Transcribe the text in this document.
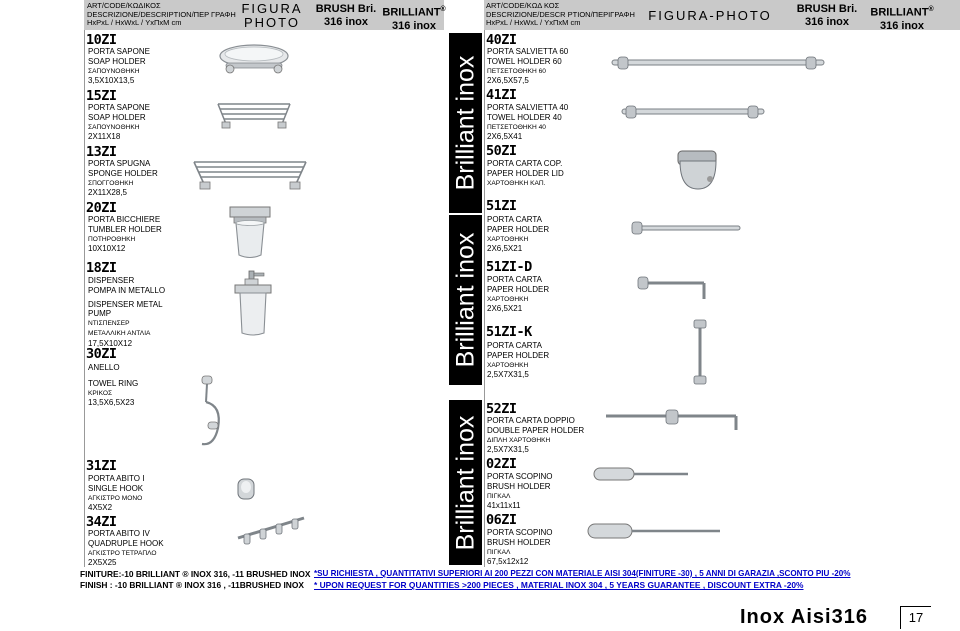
ART/CODE/ΚΩΔΙΚΟΣ
DESCRIZIONE/DESCRIPTION/ΠΕΡ ΓΡΑΦΗ
HxPxL / HxWxL / ΥxΠxΜ cm
FIGURA
PHOTO
BRUSH Bri.
316 inox
BRILLIANT®
316 inox
ART/CODE/ΚΩΔ ΚΟΣ
DESCRIZIONE/DESCR PTION/ΠΕΡΙΓΡΑΦΗ
HxPxL / HxWxL / ΥxΠxΜ cm	FIGURA-PHOTO	BRUSH Bri.
316 inox
BRILLIANT®
316 inox
Brilliant inox
Brilliant inox
Brilliant inox
10ZI
PORTA SAPONE
SOAP HOLDER
ΣΑΠΟΥΝΟΘΗΚΗ
3,5X10X13,5
15ZI
PORTA SAPONE
SOAP HOLDER
ΣΑΠΟΥΝΟΘΗΚΗ
2X11X18
13ZI
PORTA SPUGNA
SPONGE HOLDER
ΣΠΟΓΓΟΘΗΚΗ
2X11X28,5
20ZI
PORTA BICCHIERE
TUMBLER HOLDER
ΠΟΤΗΡΟΘΗΚΗ
10X10X12
18ZI
DISPENSER
POMPA IN METALLO
DISPENSER METAL
PUMP
ΝΤΙΣΠΕΝΣΕΡ
ΜΕΤΑΛΛΙΚΗ ΑΝΤΛΙΑ
17,5X10X12
30ZI
ANELLO
TOWEL RING
ΚΡΙΚΟΣ
13,5X6,5X23
31ZI
PORTA ABITO I
SINGLE HOOK
ΑΓΚΙΣΤΡΟ ΜΟΝΟ
4X5X2
34ZI
PORTA ABITO IV
QUADRUPLE HOOK
ΑΓΚΙΣΤΡΟ ΤΕΤΡΑΠΛΟ
2X5X25
40ZI
PORTA SALVIETTA 60
TOWEL HOLDER 60
ΠΕΤΣΕΤΟΘΗΚΗ 60
2X6,5X57,5
41ZI
PORTA SALVIETTA 40
TOWEL HOLDER 40
ΠΕΤΣΕΤΟΘΗΚΗ 40
2X6,5X41
50ZI
PORTA CARTA COP.
PAPER HOLDER LID
ΧΑΡΤΟΘΗΚΗ ΚΑΠ.
51ZI
PORTA CARTA
PAPER HOLDER
ΧΑΡΤΟΘΗΚΗ
2X6,5X21
51ZI-D
PORTA CARTA
PAPER HOLDER
ΧΑΡΤΟΘΗΚΗ
2X6,5X21
51ZI-K
PORTA CARTA
PAPER HOLDER
ΧΑΡΤΟΘΗΚΗ
2,5X7X31,5
52ZI
PORTA CARTA DOPPIO
DOUBLE PAPER HOLDER
ΔΙΠΛΗ ΧΑΡΤΟΘΗΚΗ
2,5X7X31,5
02ZI
PORTA SCOPINO
BRUSH HOLDER
ΠΙΓΚΑΛ
41x11x11
06ZI
PORTA SCOPINO
BRUSH HOLDER
ΠΙΓΚΑΛ
67,5x12x12
FINITURE:-10 BRILLIANT ® INOX 316, -11 BRUSHED INOX
FINISH : -10 BRILLIANT ® INOX 316 , -11BRUSHED INOX
*SU RICHIESTA , QUANTITATIVI SUPERIORI AI 200 PEZZI CON MATERIALE AISI 304(FINITURE -30) , 5 ANNI DI GARAZIA ,SCONTO PIU -20%
* UPON REQUEST FOR QUANTITIES >200 PIECES , MATERIAL INOX 304 , 5 YEARS GUARANTEE , DISCOUNT EXTRA -20%
Inox Aisi316	17
